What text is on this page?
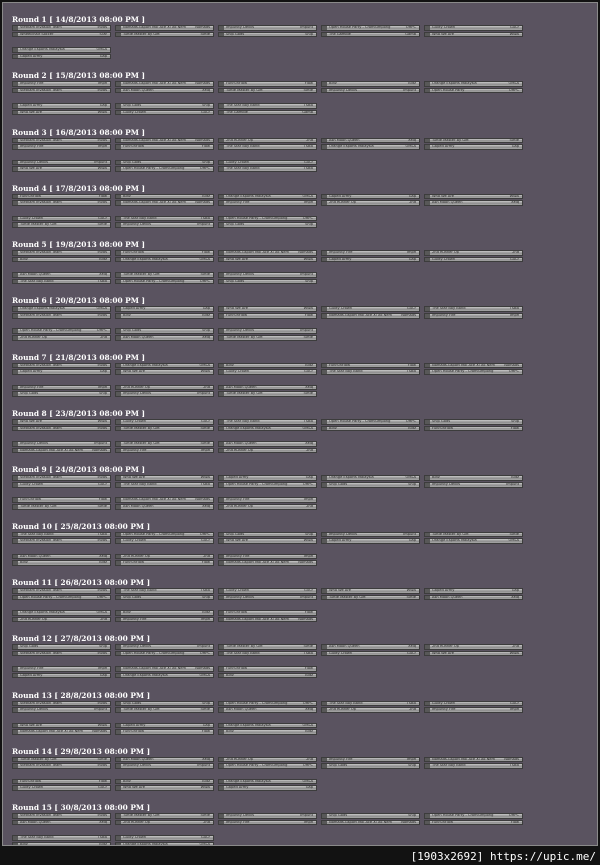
Round 1 [ 14/8/2013 08:00 PM ]
Vietnam Invasion Team	Invas
Wheelchair Soccer	STar
Nomads.Gsport Moi Ace Xi Xo Nem	Nomads
Turtle Master By Gift	Turtle
Impunity Devils	Impunt
Ship Gods	Ship
Open House Party - Cromiumpong	OHPC
The Gamble	Gamb
Guilty Crown	GuCr
Who We Are	WWA
Orange Esports Malaysia	OMLA
Gaped Army	Gap
Round 2 [ 15/8/2013 08:00 PM ]
Impunity Fire	Impfi
Vietnam Invasion Team	Invas
Nomads.Gsport Moi Ace Xi Xo Nem	Nomads
Ash Moon Queen	aMq
FunFunFlow	Flow
Turtle Master By Gift	Turtle
Blitz	Blitz
Impunity Devils	Impunt
Orange Esports Malaysia	OMLA
Open House Party	OHPC
Gaped Army	Gap
Who We Are	WWA
Ship Gods	Ship
Guilty Crown	GuCr
The Star Boy Band	TSBB
The Gamble	Gamb
Round 3 [ 16/8/2013 08:00 PM ]
Vietnam Invasion Team	Invas
Impunity Fire	Impfi
Nomads.Gsport Moi Ace Xi Xo Nem	Nomads
FunFunFlow	Flow
2nd Runner Up	2nd
The Star Boy Band	TSBB
Ash Moon Queen	aMq
Orange Esports Malaysia	OMLA
Turtle Master By Gift	Turtle
Gaped Army	Gap
Impunity Devils	Impunt
Who We Are	WWA
Ship Gods	Ship
Open House Party - Cromiumpong	OHPC
Guilty Crown	GuCr
The Star Boy Band	TSBB
Round 4 [ 17/8/2013 08:00 PM ]
FunFunFlow	Flow
Vietnam Invasion Team	Invas
Blitz	Blitz
Nomads.Gsport Moi Ace Xi Xo Nem	Nomads
Orange Esports Malaysia	OMLA
Impunity Fire	Impfi
Gaped Army	Gap
2nd Runner Up	2nd
Who We Are	WWA
Ash Moon Queen	aMq
Guilty Crown	GuCr
Turtle Master By Gift	Turtle
The Star Boy Band	TSBB
Impunity Devils	Impunt
Open House Party - Cromiumpong	OHPC
Ship Gods	Ship
Round 5 [ 19/8/2013 08:00 PM ]
Vietnam Invasion Team	Invas
Blitz	Blitz
FunFunFlow	Flow
Orange Esports Malaysia	OMLA
Nomads.Gsport Moi Ace Xi Xo Nem	Nomads
Who We Are	WWA
Impunity Fire	Impfi
Gaped Army	Gap
2nd Runner Up	2nd
Guilty Crown	GuCr
Ash Moon Queen	aMq
The Star Boy Band	TSBB
Turtle Master By Gift	Turtle
Open House Party - Cromiumpong	OHPC
Impunity Devils	Impunt
Ship Gods	Ship
Round 6 [ 20/8/2013 08:00 PM ]
Orange Esports Malaysia	OMLA
Vietnam Invasion Team	Invas
Gaped Army	Gap
Blitz	Blitz
Who We Are	WWA
FunFunFlow	Flow
Guilty Crown	GuCr
Nomads.Gsport Moi Ace Xi Xo Nem	Nomads
The Star Boy Band	TSBB
Impunity Fire	Impfi
Open House Party - Cromiumpong	OHPC
2nd Runner Up	2nd
Ship Gods	Ship
Ash Moon Queen	aMq
Impunity Devils	Impunt
Turtle Master By Gift	Turtle
Round 7 [ 21/8/2013 08:00 PM ]
Vietnam Invasion Team	Invas
Gaped Army	Gap
Orange Esports Malaysia	OMLA
Who We Are	WWA
Blitz	Blitz
Guilty Crown	GuCr
FunFunFlow	Flow
The Star Boy Band	TSBB
Nomads.Gsport Moi Ace Xi Xo Nem	Nomads
Open House Party - Cromiumpong	OHPC
Impunity Fire	Impfi
Ship Gods	Ship
2nd Runner Up	2nd
Impunity Devils	Impunt
Ash Moon Queen	aMq
Turtle Master By Gift	Turtle
Round 8 [ 23/8/2013 08:00 PM ]
Who We Are	WWA
Vietnam Invasion Team	Invas
Guilty Crown	GuCr
Turtle Master By Gift	Turtle
The Star Boy Band	TSBB
Orange Esports Malaysia	OMLA
Open House Party - Cromiumpong	OHPC
Blitz	Blitz
Ship Gods	Ship
FunFunFlow	Flow
Impunity Devils	Impunt
Nomads.Gsport Moi Ace Xi Xo Nem	Nomads
Turtle Master By Gift	Turtle
Impunity Fire	Impfi
Ash Moon Queen	aMq
2nd Runner Up	2nd
Round 9 [ 24/8/2013 08:00 PM ]
Vietnam Invasion Team	Invas
Guilty Crown	GuCr
Who We Are	WWA
The Star Boy Band	TSBB
Gaped Army	Gap
Open House Party - Cromiumpong	OHPC
Orange Esports Malaysia	OMLA
Ship Gods	Ship
Blitz	Blitz
Impunity Devils	Impunt
FunFunFlow	Flow
Turtle Master By Gift	Turtle
Nomads.Gsport Moi Ace Xi Xo Nem	Nomads
Ash Moon Queen	aMq
Impunity Fire	Impfi
2nd Runner Up	2nd
Round 10 [ 25/8/2013 08:00 PM ]
The Star Boy Band	TSBB
Vietnam Invasion Team	Invas
Open House Party - Cromiumpong	OHPC
Guilty Crown	GuCr
Ship Gods	Ship
Who We Are	WWA
Impunity Devils	Impunt
Gaped Army	Gap
Turtle Master By Gift	Turtle
Orange Esports Malaysia	OMLA
Ash Moon Queen	aMq
Blitz	Blitz
2nd Runner Up	2nd
FunFunFlow	Flow
Impunity Fire	Impfi
Nomads.Gsport Moi Ace Xi Xo Nem	Nomads
Round 11 [ 26/8/2013 08:00 PM ]
Vietnam Invasion Team	Invas
Open House Party - Cromiumpong	OHPC
The Star Boy Band	TSBB
Ship Gods	Ship
Guilty Crown	GuCr
Impunity Devils	Impunt
Who We Are	WWA
Turtle Master By Gift	Turtle
Gaped Army	Gap
Ash Moon Queen	aMq
Orange Esports Malaysia	OMLA
2nd Runner Up	2nd
Blitz	Blitz
Impunity Fire	Impfi
FunFunFlow	Flow
Nomads.Gsport Moi Ace Xi Xo Nem	Nomads
Round 12 [ 27/8/2013 08:00 PM ]
Ship Gods	Ship
Vietnam Invasion Team	Invas
Impunity Devils	Impunt
Open House Party - Cromiumpong	OHPC
Turtle Master By Gift	Turtle
The Star Boy Band	TSBB
Ash Moon Queen	aMq
Guilty Crown	GuCr
2nd Runner Up	2nd
Who We Are	WWA
Impunity Fire	Impfi
Gaped Army	Gap
Nomads.Gsport Moi Ace Xi Xo Nem	Nomads
Orange Esports Malaysia	OMLA
FunFunFlow	Flow
Blitz	Blitz
Round 13 [ 28/8/2013 08:00 PM ]
Vietnam Invasion Team	Invas
Impunity Devils	Impunt
Ship Gods	Ship
Turtle Master By Gift	Turtle
Open House Party - Cromiumpong	OHPC
Ash Moon Queen	aMq
The Star Boy Band	TSBB
2nd Runner Up	2nd
Guilty Crown	GuCr
Impunity Fire	Impfi
Who We Are	WWA
Nomads.Gsport Moi Ace Xi Xo Nem	Nomads
Gaped Army	Gap
FunFunFlow	Flow
Orange Esports Malaysia	OMLA
Blitz	Blitz
Round 14 [ 29/8/2013 08:00 PM ]
Turtle Master By Gift	Turtle
Vietnam Invasion Team	Invas
Ash Moon Queen	aMq
Impunity Devils	Impunt
2nd Runner Up	2nd
Open House Party - Cromiumpong	OHPC
Impunity Fire	Impfi
Ship Gods	Ship
Nomads.Gsport Moi Ace Xi Xo Nem	Nomads
The Star Boy Band	TSBB
FunFunFlow	Flow
Guilty Crown	GuCr
Blitz	Blitz
Who We Are	WWA
Orange Esports Malaysia	OMLA
Gaped Army	Gap
Round 15 [ 30/8/2013 08:00 PM ]
Vietnam Invasion Team	Invas
Ash Moon Queen	aMq
Turtle Master By Gift	Turtle
2nd Runner Up	2nd
Impunity Devils	Impunt
Impunity Fire	Impfi
Ship Gods	Ship
Nomads.Gsport Moi Ace Xi Xo Nem	Nomads
Open House Party - Cromiumpong	OHPC
FunFunFlow	Flow
The Star Boy Band	TSBB
Blitz	Blitz
Guilty Crown	GuCr
Orange Esports Malaysia	OMLA
[1903x2692] https://upic.me/
